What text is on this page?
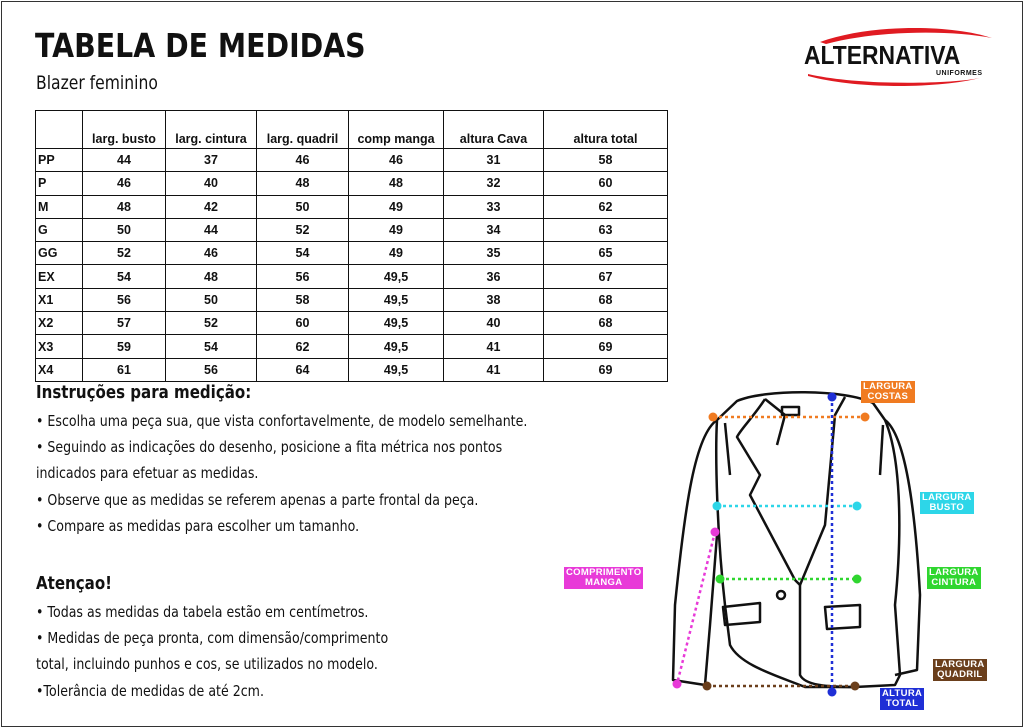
TABELA DE MEDIDAS
Blazer feminino
ALTERNATIVA
UNIFORMES
	larg. busto	larg. cintura	larg. quadril	comp manga	altura Cava	altura total
PP	44	37	46	46	31	58
P	46	40	48	48	32	60
M	48	42	50	49	33	62
G	50	44	52	49	34	63
GG	52	46	54	49	35	65
EX	54	48	56	49,5	36	67
X1	56	50	58	49,5	38	68
X2	57	52	60	49,5	40	68
X3	59	54	62	49,5	41	69
X4	61	56	64	49,5	41	69
Instruções para medição:
• Escolha uma peça sua, que vista confortavelmente, de modelo semelhante.
• Seguindo as indicações do desenho, posicione a fita métrica nos pontos
indicados para efetuar as medidas.
• Observe que as medidas se referem apenas a parte frontal da peça.
• Compare as medidas para escolher um tamanho.
Atençao!
• Todas as medidas da tabela estão em centímetros.
• Medidas de peça pronta, com dimensão/comprimento
total, incluindo punhos e cos, se utilizados no modelo.
•Tolerância de medidas de até 2cm.
LARGURA
COSTAS
LARGURA
BUSTO
LARGURA
CINTURA
COMPRIMENTO
MANGA
LARGURA
QUADRIL
ALTURA
TOTAL
